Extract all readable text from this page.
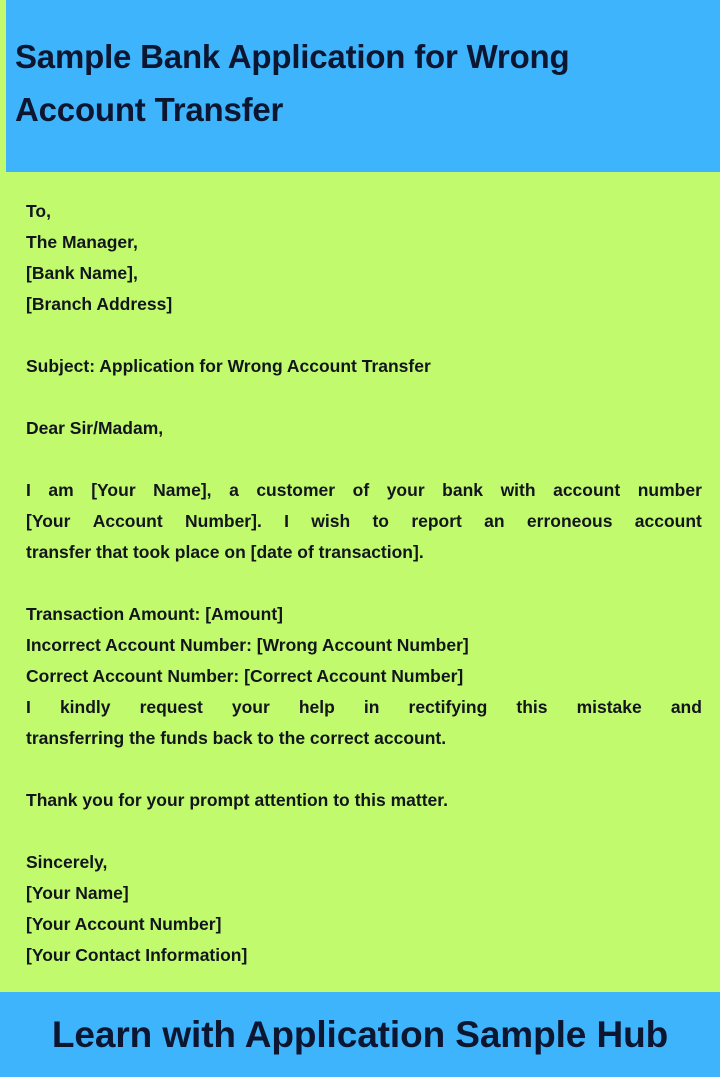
Sample Bank Application for Wrong Account Transfer
To,
The Manager,
[Bank Name],
[Branch Address]
Subject: Application for Wrong Account Transfer
Dear Sir/Madam,
I am [Your Name], a customer of your bank with account number
[Your Account Number]. I wish to report an erroneous account
transfer that took place on [date of transaction].
Transaction Amount: [Amount]
Incorrect Account Number: [Wrong Account Number]
Correct Account Number: [Correct Account Number]
I kindly request your help in rectifying this mistake and
transferring the funds back to the correct account.
Thank you for your prompt attention to this matter.
Sincerely,
[Your Name]
[Your Account Number]
[Your Contact Information]
Learn with Application Sample Hub
